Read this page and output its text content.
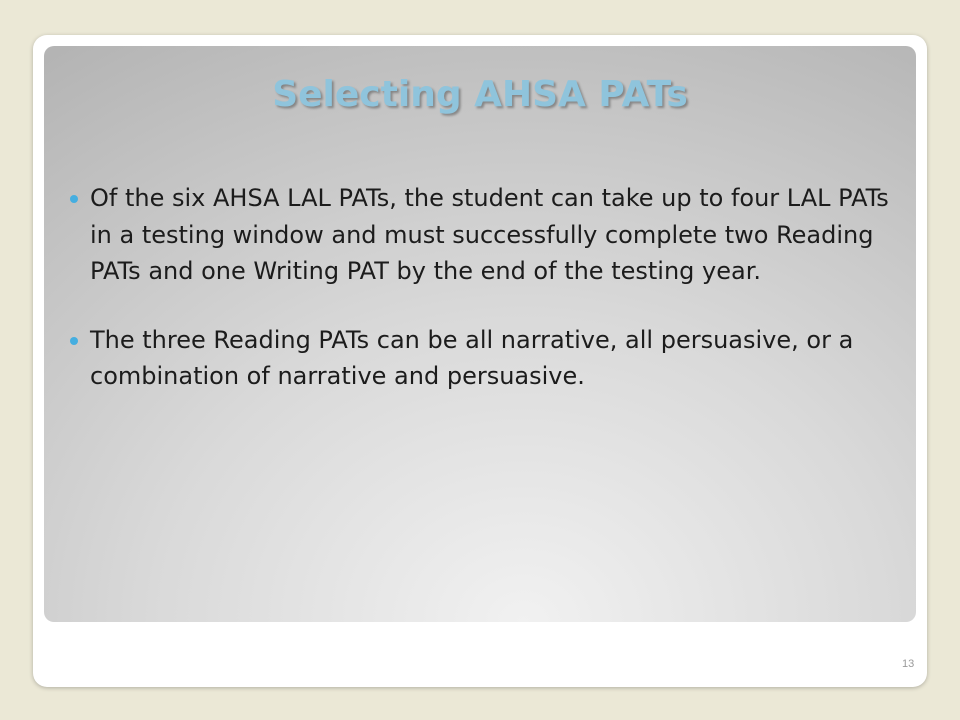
Selecting AHSA PATs
Of the six AHSA LAL PATs, the student can take up to four LAL PATs in a testing window and must successfully complete two Reading PATs and one Writing PAT by the end of the testing year.
The three Reading PATs can be all narrative, all persuasive, or a combination of narrative and persuasive.
13
